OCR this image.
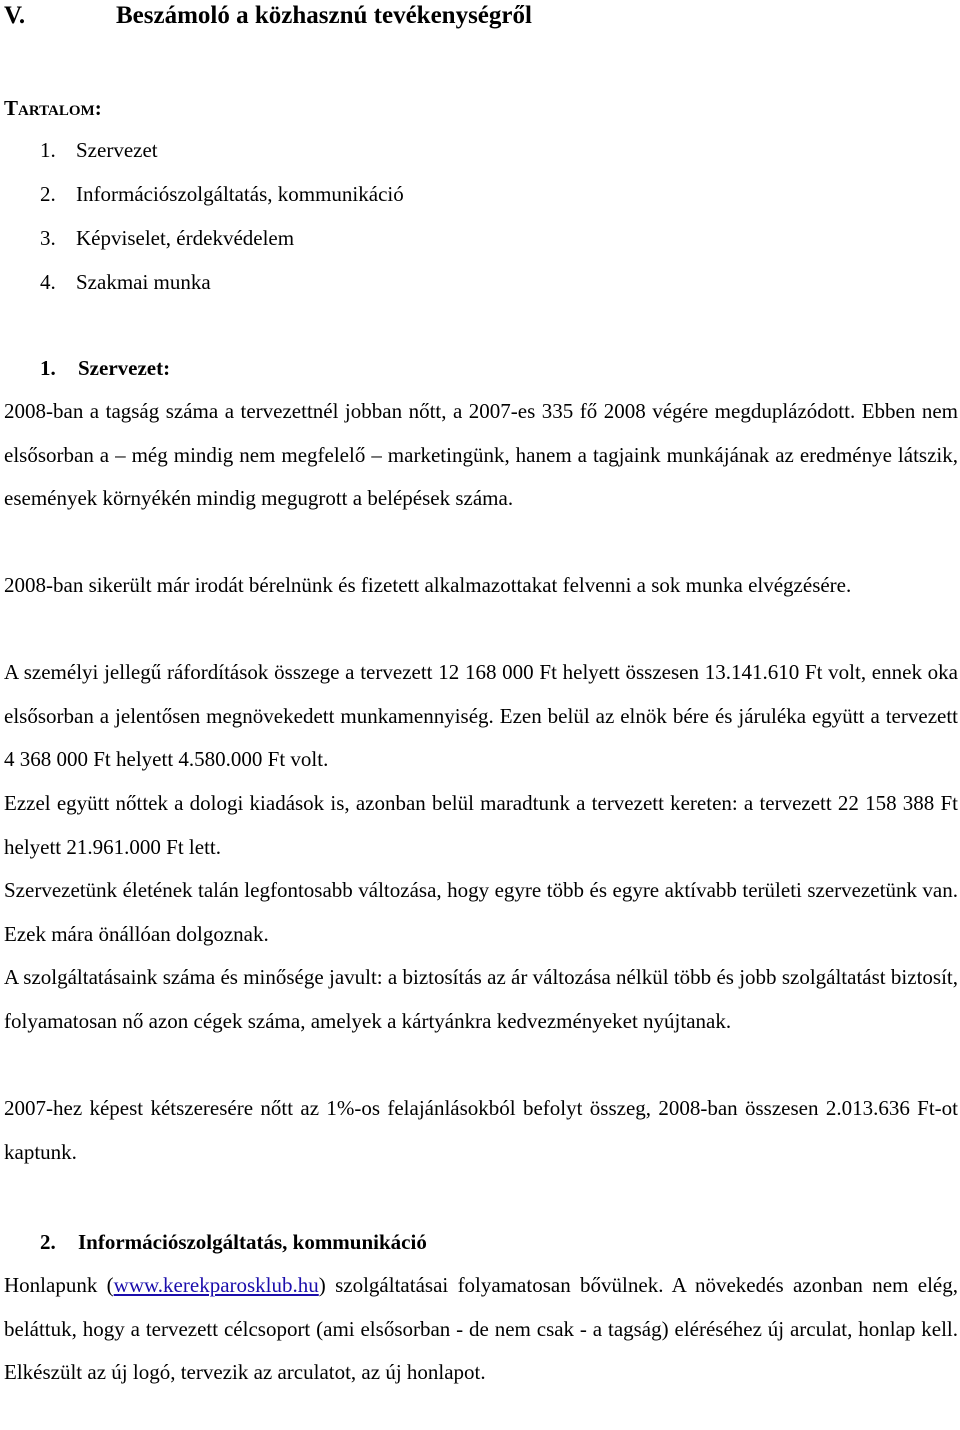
V.	Beszámoló a közhasznú tevékenységről
Tartalom:
1. Szervezet
2. Információszolgáltatás, kommunikáció
3. Képviselet, érdekvédelem
4. Szakmai munka
1. Szervezet:

2008-ban a tagság száma a tervezettnél jobban nőtt, a 2007-es 335 fő 2008 végére megduplázódott. Ebben nem elsősorban a – még mindig nem megfelelő – marketingünk, hanem a tagjaink munkájának az eredménye látszik, események környékén mindig megugrott a belépések száma.

2008-ban sikerült már irodát bérelnünk és fizetett alkalmazottakat felvenni a sok munka elvégzésére.

A személyi jellegű ráfordítások összege a tervezett 12 168 000 Ft helyett összesen 13.141.610 Ft volt, ennek oka elsősorban a jelentősen megnövekedett munkamennyiség. Ezen belül az elnök bére és járuléka együtt a tervezett 4 368 000 Ft helyett 4.580.000 Ft volt.

Ezzel együtt nőttek a dologi kiadások is, azonban belül maradtunk a tervezett kereten: a tervezett 22 158 388 Ft helyett 21.961.000 Ft lett.

Szervezetünk életének talán legfontosabb változása, hogy egyre több és egyre aktívabb területi szervezetünk van. Ezek mára önállóan dolgoznak.

A szolgáltatásaink száma és minősége javult: a biztosítás az ár változása nélkül több és jobb szolgáltatást biztosít, folyamatosan nő azon cégek száma, amelyek a kártyánkra kedvezményeket nyújtanak.

2007-hez képest kétszeresére nőtt az 1%-os felajánlásokból befolyt összeg, 2008-ban összesen 2.013.636 Ft-ot kaptunk.

2. Információszolgáltatás, kommunikáció

Honlapunk (www.kerekparosklub.hu) szolgáltatásai folyamatosan bővülnek. A növekedés azonban nem elég, beláttuk, hogy a tervezett célcsoport (ami elsősorban - de nem csak - a tagság) eléréséhez új arculat, honlap kell. Elkészült az új logó, tervezik az arculatot, az új honlapot.
